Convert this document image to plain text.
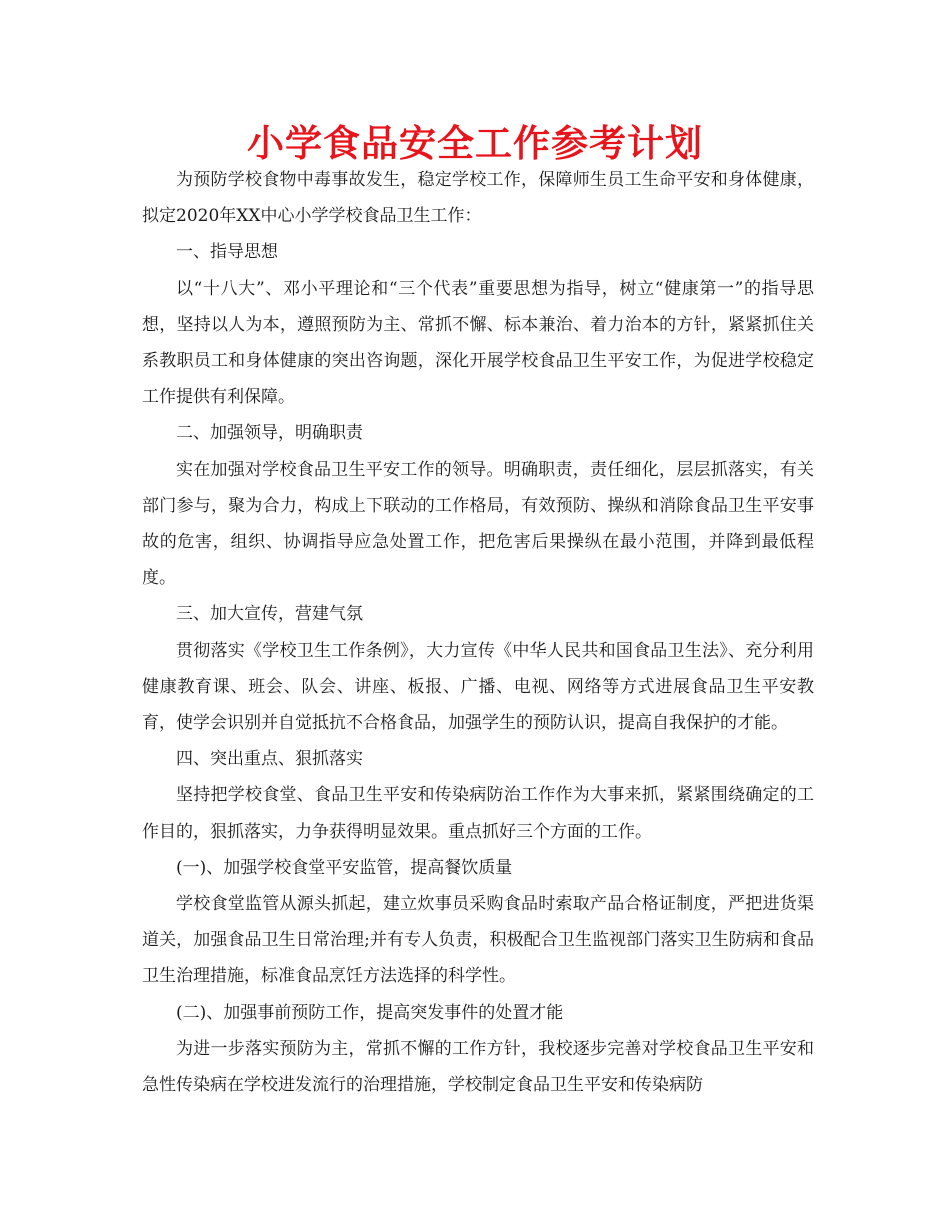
小学食品安全工作参考计划

为预防学校食物中毒事故发生，稳定学校工作，保障师生员工生命平安和身体健康，拟定2020年XX中心小学学校食品卫生工作：

一、指导思想

以“十八大”、邓小平理论和“三个代表”重要思想为指导，树立“健康第一”的指导思想，坚持以人为本，遵照预防为主、常抓不懈、标本兼治、着力治本的方针，紧紧抓住关系教职员工和身体健康的突出咨询题，深化开展学校食品卫生平安工作，为促进学校稳定工作提供有利保障。

二、加强领导，明确职责

实在加强对学校食品卫生平安工作的领导。明确职责，责任细化，层层抓落实，有关部门参与，聚为合力，构成上下联动的工作格局，有效预防、操纵和消除食品卫生平安事故的危害，组织、协调指导应急处置工作，把危害后果操纵在最小范围，并降到最低程度。

三、加大宣传，营建气氛

贯彻落实《学校卫生工作条例》，大力宣传《中华人民共和国食品卫生法》、充分利用健康教育课、班会、队会、讲座、板报、广播、电视、网络等方式进展食品卫生平安教育，使学会识别并自觉抵抗不合格食品，加强学生的预防认识，提高自我保护的才能。

四、突出重点、狠抓落实

坚持把学校食堂、食品卫生平安和传染病防治工作作为大事来抓，紧紧围绕确定的工作目的，狠抓落实，力争获得明显效果。重点抓好三个方面的工作。

(一)、加强学校食堂平安监管，提高餐饮质量

学校食堂监管从源头抓起，建立炊事员采购食品时索取产品合格证制度，严把进货渠道关，加强食品卫生日常治理;并有专人负责，积极配合卫生监视部门落实卫生防病和食品卫生治理措施，标准食品烹饪方法选择的科学性。

(二)、加强事前预防工作，提高突发事件的处置才能

为进一步落实预防为主，常抓不懈的工作方针，我校逐步完善对学校食品卫生平安和急性传染病在学校进发流行的治理措施，学校制定食品卫生平安和传染病防
